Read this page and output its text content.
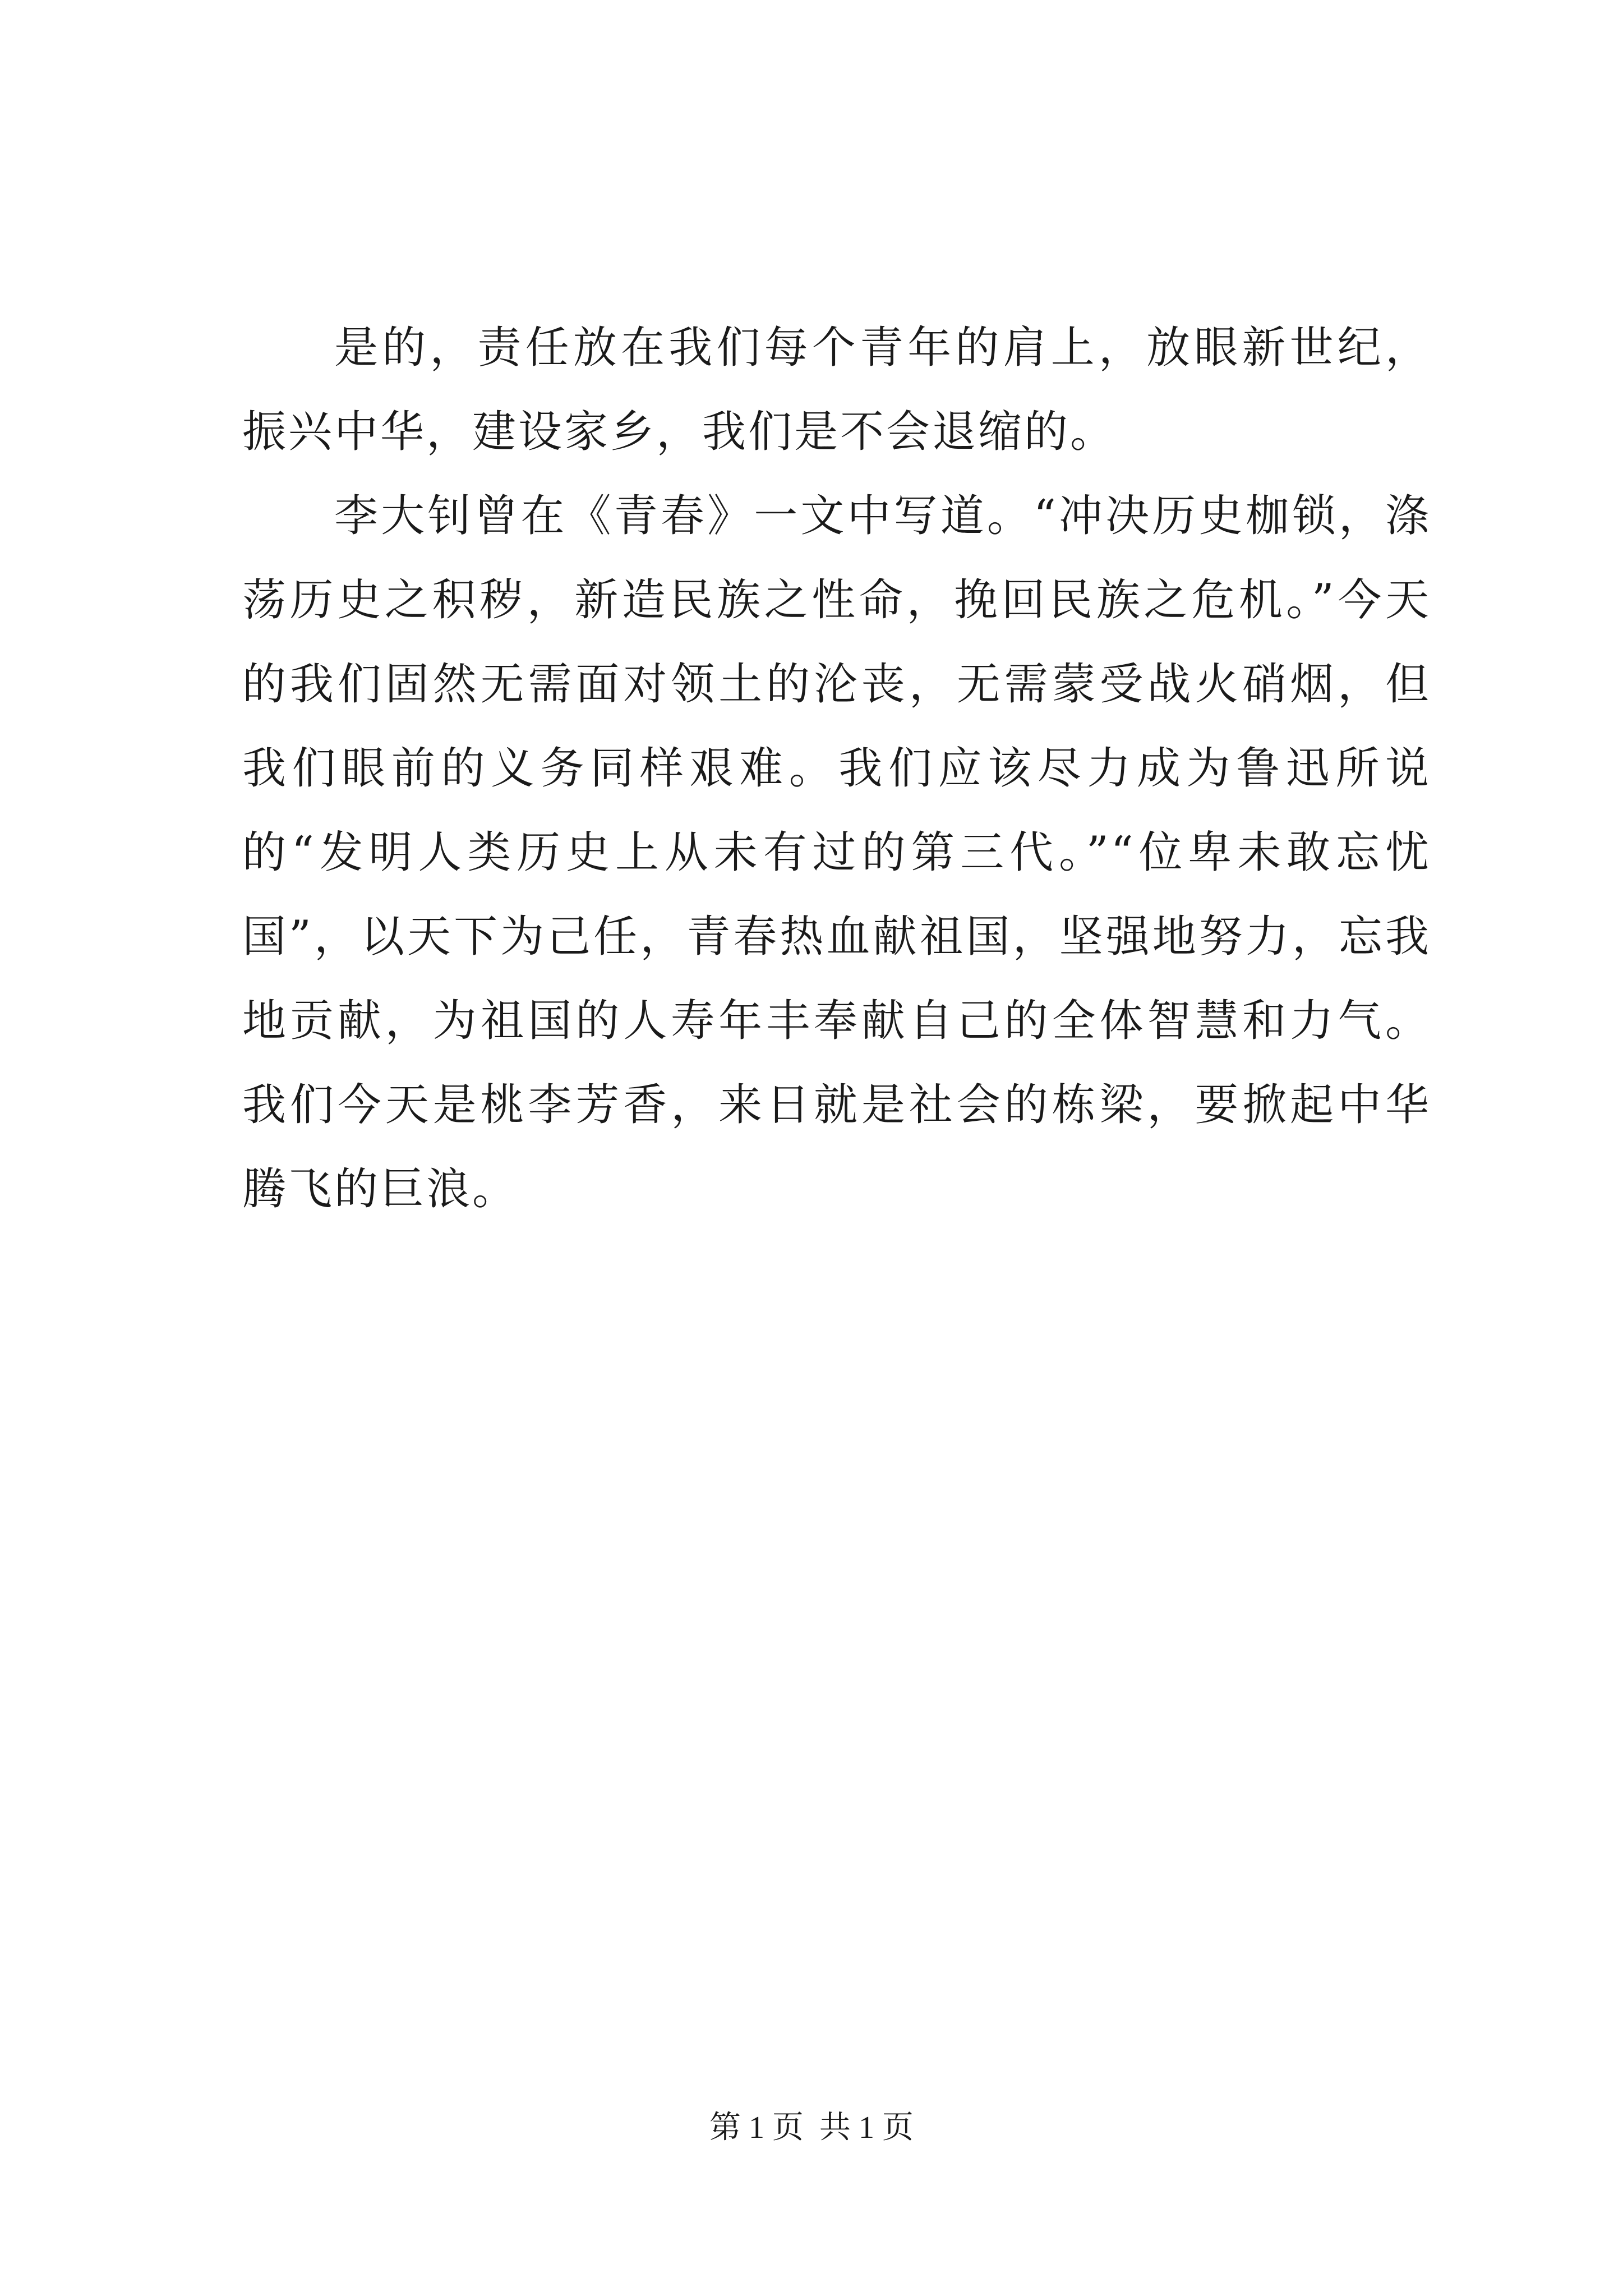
是的，责任放在我们每个青年的肩上，放眼新世纪，振兴中华，建设家乡，我们是不会退缩的。

李大钊曾在《青春》一文中写道。“冲决历史枷锁，涤荡历史之积秽，新造民族之性命，挽回民族之危机。”今天的我们固然无需面对领土的沦丧，无需蒙受战火硝烟，但我们眼前的义务同样艰难。我们应该尽力成为鲁迅所说的“发明人类历史上从未有过的第三代。”“位卑未敢忘忧国”，以天下为己任，青春热血献祖国，坚强地努力，忘我地贡献，为祖国的人寿年丰奉献自己的全体智慧和力气。我们今天是桃李芳香，来日就是社会的栋梁，要掀起中华腾飞的巨浪。

第 1 页  共 1 页
